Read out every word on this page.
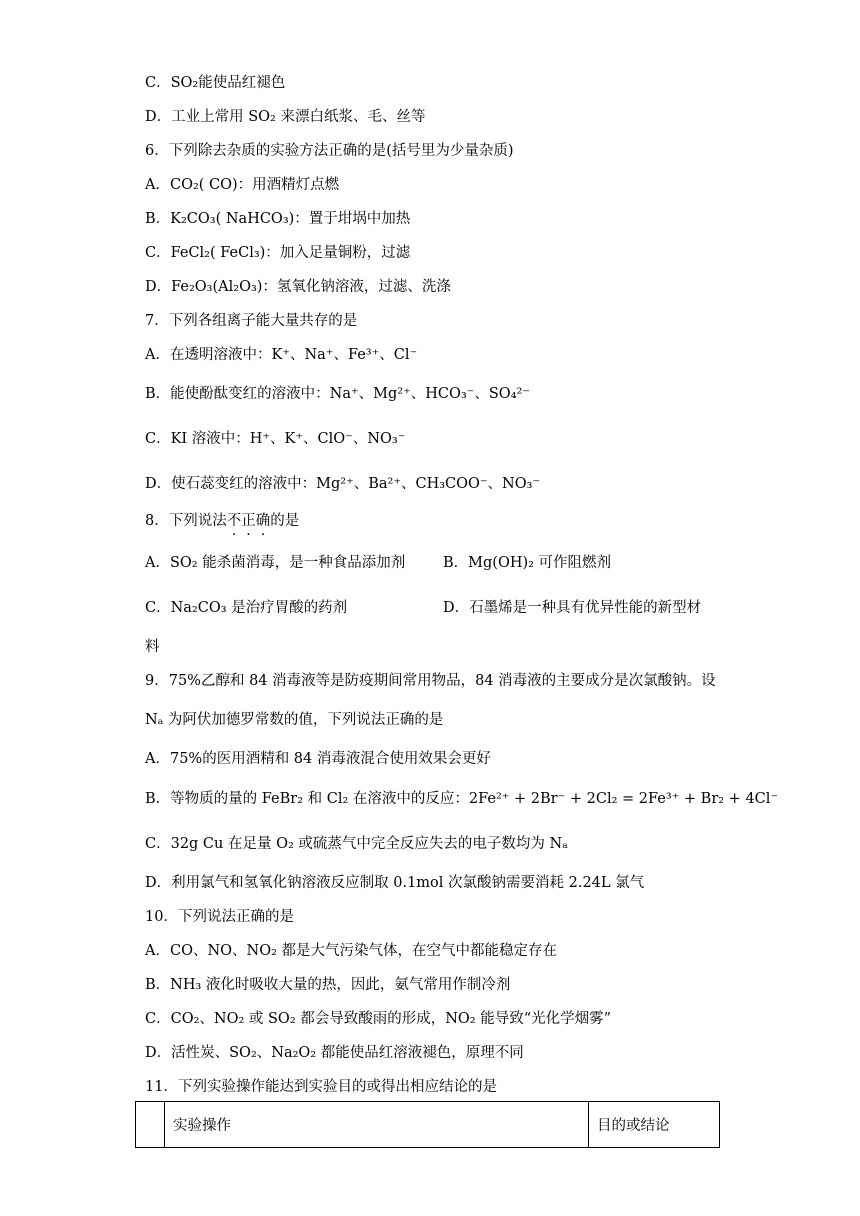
C．SO₂能使品红褪色
D．工业上常用 SO₂ 来漂白纸浆、毛、丝等
6．下列除去杂质的实验方法正确的是(括号里为少量杂质)
A．CO₂( CO)：用酒精灯点燃
B．K₂CO₃( NaHCO₃)：置于坩埚中加热
C．FeCl₂( FeCl₃)：加入足量铜粉，过滤
D．Fe₂O₃(Al₂O₃)：氢氧化钠溶液，过滤、洗涤
7．下列各组离子能大量共存的是
A．在透明溶液中：K⁺、Na⁺、Fe³⁺、Cl⁻
B．能使酚酞变红的溶液中：Na⁺、Mg²⁺、HCO₃⁻、SO₄²⁻
C．KI 溶液中：H⁺、K⁺、ClO⁻、NO₃⁻
D．使石蕊变红的溶液中：Mg²⁺、Ba²⁺、CH₃COO⁻、NO₃⁻
8．下列说法不正确的是
A．SO₂ 能杀菌消毒，是一种食品添加剂	B．Mg(OH)₂ 可作阻燃剂
C．Na₂CO₃ 是治疗胃酸的药剂	D．石墨烯是一种具有优异性能的新型材
料
9．75%乙醇和 84 消毒液等是防疫期间常用物品，84 消毒液的主要成分是次氯酸钠。设
Nₐ 为阿伏加德罗常数的值，下列说法正确的是
A．75%的医用酒精和 84 消毒液混合使用效果会更好
B．等物质的量的 FeBr₂ 和 Cl₂ 在溶液中的反应：2Fe²⁺ + 2Br⁻ + 2Cl₂ = 2Fe³⁺ + Br₂ + 4Cl⁻
C．32g Cu 在足量 O₂ 或硫蒸气中完全反应失去的电子数均为 Nₐ
D．利用氯气和氢氧化钠溶液反应制取 0.1mol 次氯酸钠需要消耗 2.24L 氯气
10．下列说法正确的是
A．CO、NO、NO₂ 都是大气污染气体，在空气中都能稳定存在
B．NH₃ 液化时吸收大量的热，因此，氨气常用作制冷剂
C．CO₂、NO₂ 或 SO₂ 都会导致酸雨的形成，NO₂ 能导致“光化学烟雾”
D．活性炭、SO₂、Na₂O₂ 都能使品红溶液褪色，原理不同
11．下列实验操作能达到实验目的或得出相应结论的是
	实验操作	目的或结论
